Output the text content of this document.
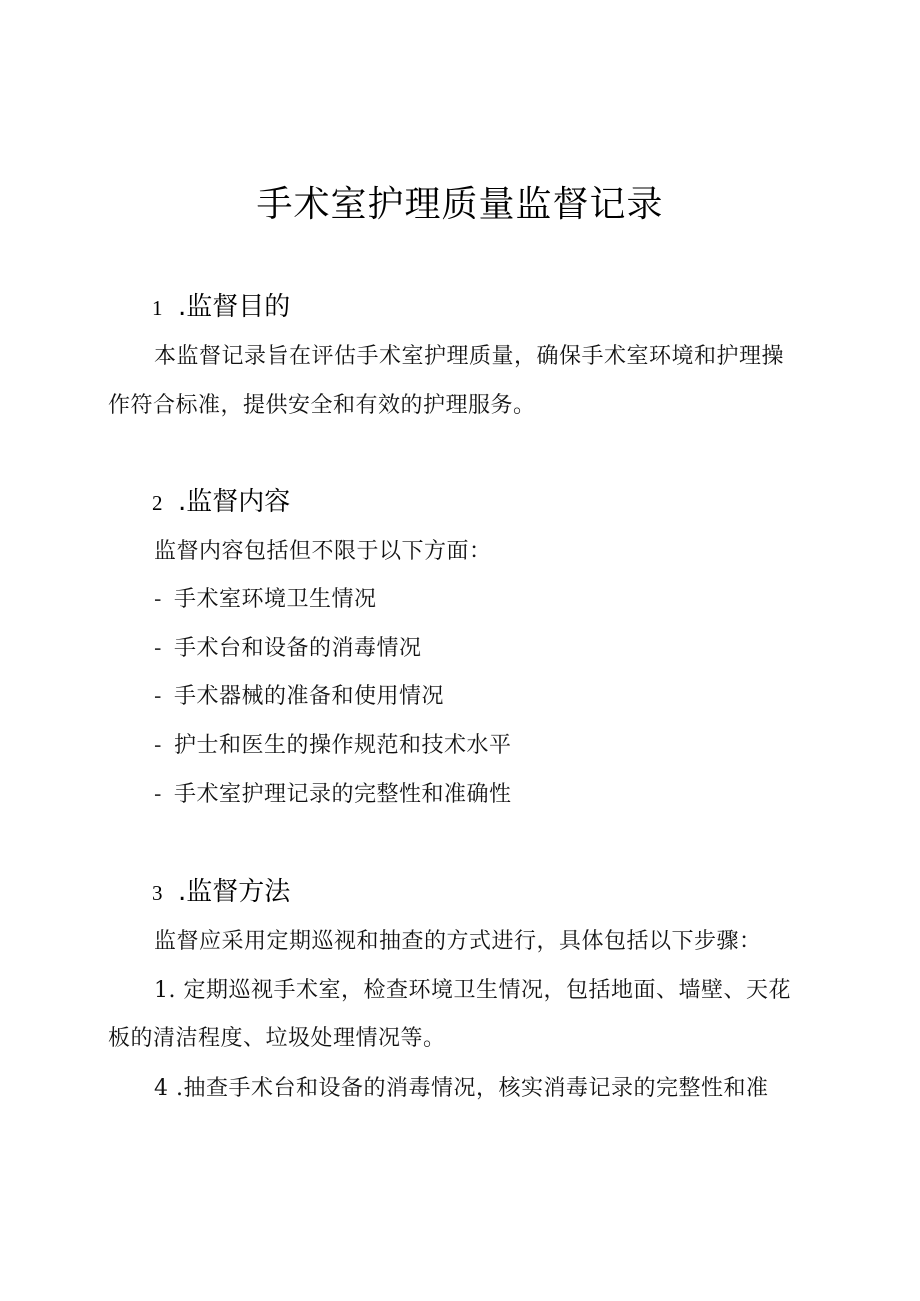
手术室护理质量监督记录
1 .监督目的

本监督记录旨在评估手术室护理质量，确保手术室环境和护理操

作符合标准，提供安全和有效的护理服务。

2 .监督内容

监督内容包括但不限于以下方面：

- 手术室环境卫生情况

- 手术台和设备的消毒情况

- 手术器械的准备和使用情况

- 护士和医生的操作规范和技术水平

- 手术室护理记录的完整性和准确性

3 .监督方法

监督应采用定期巡视和抽查的方式进行，具体包括以下步骤：

1. 定期巡视手术室，检查环境卫生情况，包括地面、墙壁、天花

板的清洁程度、垃圾处理情况等。

4 .抽查手术台和设备的消毒情况，核实消毒记录的完整性和准
